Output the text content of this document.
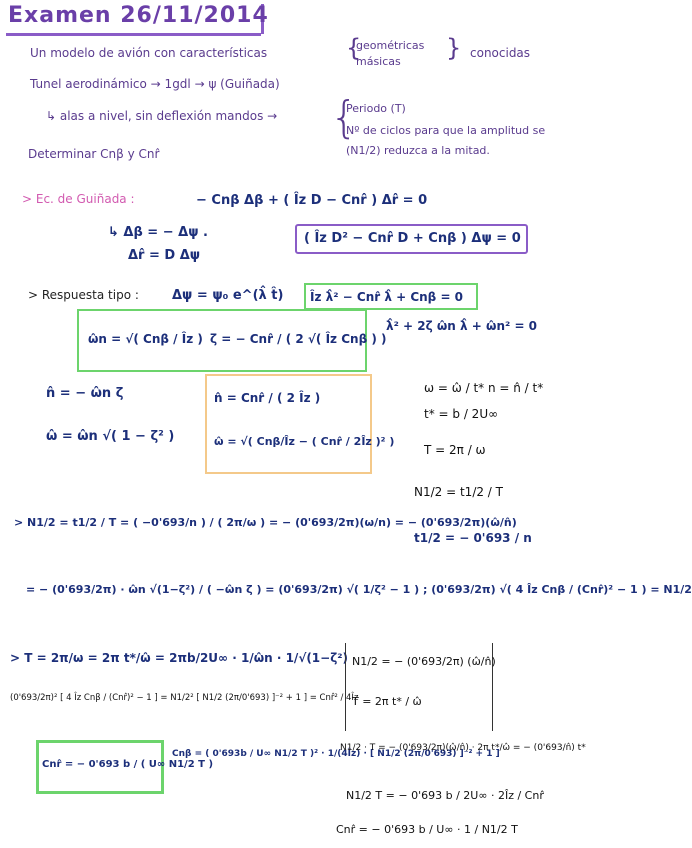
Examen 26/11/2014
Un modelo de avión con características	{
geométricas
másicas } conocidas
Tunel aerodinámico → 1gdl → ψ (Guiñada)
↳ alas a nivel, sin deflexión mandos → {
Periodo (T)
Nº de ciclos para que la amplitud se
(N1/2) reduzca a la mitad.
Determinar Cnβ y Cnr̂
> Ec. de Guiñada :	− Cnβ Δβ + ( Îz D − Cnr̂ ) Δr̂ = 0
↳ Δβ = − Δψ .
Δr̂ = D Δψ
( Îz D² − Cnr̂ D + Cnβ ) Δψ = 0
> Respuesta tipo :	Δψ = ψ₀ e^(λ̂ t̂) Îz λ̂² − Cnr̂ λ̂ + Cnβ = 0
λ̂² + 2ζ ω̂n λ̂ + ω̂n² = 0
ω̂n = √( Cnβ / Îz ) ζ = − Cnr̂ / ( 2 √( Îz Cnβ ) )
n̂ = − ω̂n ζ
ω̂ = ω̂n √( 1 − ζ² )
n̂ = Cnr̂ / ( 2 Îz )
ω̂ = √( Cnβ/Îz − ( Cnr̂ / 2Îz )² )
ω = ω̂ / t* n = n̂ / t*
t* = b / 2U∞
T = 2π / ω
N1/2 = t1/2 / T
> N1/2 = t1/2 / T = ( −0'693/n ) / ( 2π/ω ) = − (0'693/2π)(ω/n) = − (0'693/2π)(ω̂/n̂)
t1/2 = − 0'693 / n
= − (0'693/2π) · ω̂n √(1−ζ²) / ( −ω̂n ζ ) = (0'693/2π) √( 1/ζ² − 1 ) ; (0'693/2π) √( 4 Îz Cnβ / (Cnr̂)² − 1 ) = N1/2
> T = 2π/ω = 2π t*/ω̂ = 2πb/2U∞ · 1/ω̂n · 1/√(1−ζ²) N1/2 = − (0'693/2π) (ω̂/n̂)
T = 2π t* / ω̂
(0'693/2π)² [ 4 Îz Cnβ / (Cnr̂)² − 1 ] = N1/2² [ N1/2 (2π/0'693) ]⁻² + 1 ] = Cnr̂² / 4Îz
Cnr̂ = − 0'693 b / ( U∞ N1/2 T )
Cnβ = ( 0'693b / U∞ N1/2 T )² · 1/(4Îz) · [ N1/2 (2π/0'693) ]⁻² + 1 ]
N1/2 · T = − (0'693/2π)(ω̂/n̂) · 2π t*/ω̂ = − (0'693/n̂) t*
N1/2 T = − 0'693 b / 2U∞ · 2Îz / Cnr̂
Cnr̂ = − 0'693 b / U∞ · 1 / N1/2 T
